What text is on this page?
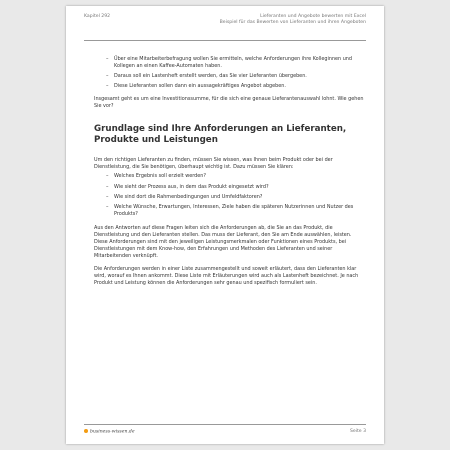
Kapitel 292	Lieferanten und Angebote bewerten mit Excel
Beispiel für das Bewerten von Lieferanten und ihren Angeboten
– Über eine Mitarbeiterbefragung wollen Sie ermitteln, welche Anforderungen ihre Kolleginnen und Kollegen an einen Kaffee-Automaten haben.
– Daraus soll ein Lastenheft erstellt werden, das Sie vier Lieferanten übergeben.
– Diese Lieferanten sollen dann ein aussagekräftiges Angebot abgeben.

Insgesamt geht es um eine Investitionssumme, für die sich eine genaue Lieferantenauswahl lohnt. Wie gehen Sie vor?

Grundlage sind Ihre Anforderungen an Lieferanten, Produkte und Leistungen

Um den richtigen Lieferanten zu finden, müssen Sie wissen, was Ihnen beim Produkt oder bei der Dienstleistung, die Sie benötigen, überhaupt wichtig ist. Dazu müssen Sie klären:

– Welches Ergebnis soll erzielt werden?
– Wie sieht der Prozess aus, in dem das Produkt eingesetzt wird?
– Wie sind dort die Rahmenbedingungen und Umfeldfaktoren?
– Welche Wünsche, Erwartungen, Interessen, Ziele haben die späteren Nutzerinnen und Nutzer des Produkts?

Aus den Antworten auf diese Fragen leiten sich die Anforderungen ab, die Sie an das Produkt, die Dienstleistung und den Lieferanten stellen. Das muss der Lieferant, den Sie am Ende auswählen, leisten. Diese Anforderungen sind mit den jeweiligen Leistungsmerkmalen oder Funktionen eines Produkts, bei Dienstleistungen mit dem Know-how, den Erfahrungen und Methoden des Lieferanten und seiner Mitarbeitenden verknüpft.

Die Anforderungen werden in einer Liste zusammengestellt und soweit erläutert, dass den Lieferanten klar wird, worauf es Ihnen ankommt. Diese Liste mit Erläuterungen wird auch als Lastenheft bezeichnet. Je nach Produkt und Leistung können die Anforderungen sehr genau und spezifisch formuliert sein.

business-wissen.de	Seite 3
